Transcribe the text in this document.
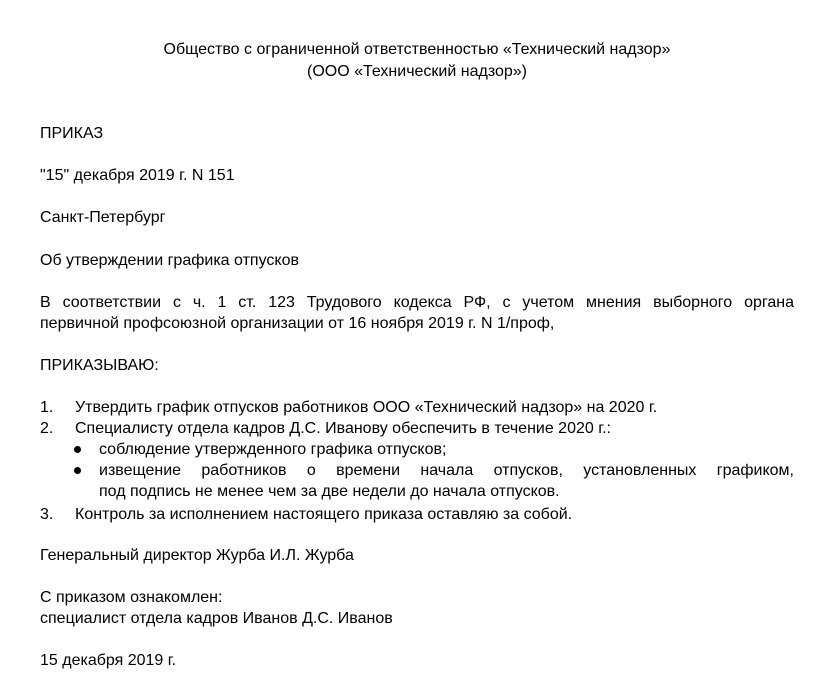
Общество с ограниченной ответственностью «Технический надзор»
(ООО «Технический надзор»)
ПРИКАЗ
"15" декабря 2019 г. N 151
Санкт-Петербург
Об утверждении графика отпусков
В соответствии с ч. 1 ст. 123 Трудового кодекса РФ, с учетом мнения выборного органа
первичной профсоюзной организации от 16 ноября 2019 г. N 1/проф,
ПРИКАЗЫВАЮ:
1. Утвердить график отпусков работников ООО «Технический надзор» на 2020 г.
2. Специалисту отдела кадров Д.С. Иванову обеспечить в течение 2020 г.:
соблюдение утвержденного графика отпусков;
извещение работников о времени начала отпусков, установленных графиком,
под подпись не менее чем за две недели до начала отпусков.
3. Контроль за исполнением настоящего приказа оставляю за собой.
Генеральный директор Журба И.Л. Журба
С приказом ознакомлен:
специалист отдела кадров Иванов Д.С. Иванов
15 декабря 2019 г.
